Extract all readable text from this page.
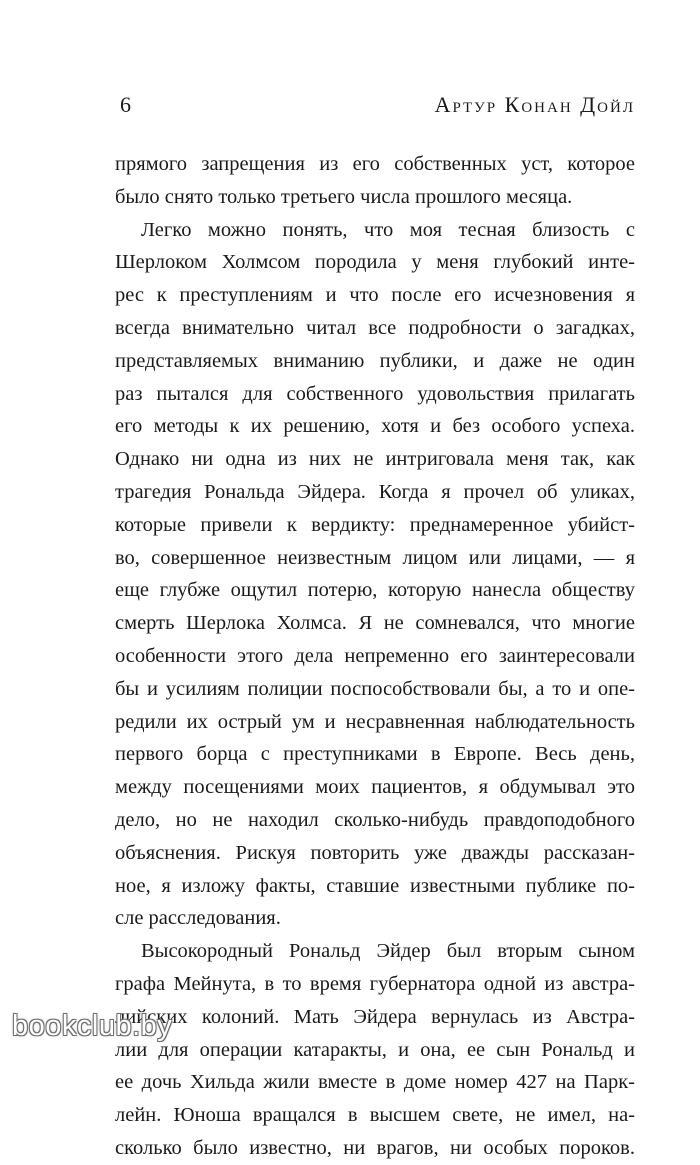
6	Артур Конан Дойл
прямого запрещения из его собственных уст, которое
было снято только третьего числа прошлого месяца.
Легко можно понять, что моя тесная близость с
Шерлоком Холмсом породила у меня глубокий инте-
рес к преступлениям и что после его исчезновения я
всегда внимательно читал все подробности о загадках,
представляемых вниманию публики, и даже не один
раз пытался для собственного удовольствия прилагать
его методы к их решению, хотя и без особого успеха.
Однако ни одна из них не интриговала меня так, как
трагедия Рональда Эйдера. Когда я прочел об уликах,
которые привели к вердикту: преднамеренное убийст-
во, совершенное неизвестным лицом или лицами, — я
еще глубже ощутил потерю, которую нанесла обществу
смерть Шерлока Холмса. Я не сомневался, что многие
особенности этого дела непременно его заинтересовали
бы и усилиям полиции поспособствовали бы, а то и опе-
редили их острый ум и несравненная наблюдательность
первого борца с преступниками в Европе. Весь день,
между посещениями моих пациентов, я обдумывал это
дело, но не находил сколько-нибудь правдоподобного
объяснения. Рискуя повторить уже дважды рассказан-
ное, я изложу факты, ставшие известными публике по-
сле расследования.
Высокородный Рональд Эйдер был вторым сыном
графа Мейнута, в то время губернатора одной из австра-
лийских колоний. Мать Эйдера вернулась из Австра-
лии для операции катаракты, и она, ее сын Рональд и
ее дочь Хильда жили вместе в доме номер 427 на Парк-
лейн. Юноша вращался в высшем свете, не имел, на-
сколько было известно, ни врагов, ни особых пороков.
bookclub.by
